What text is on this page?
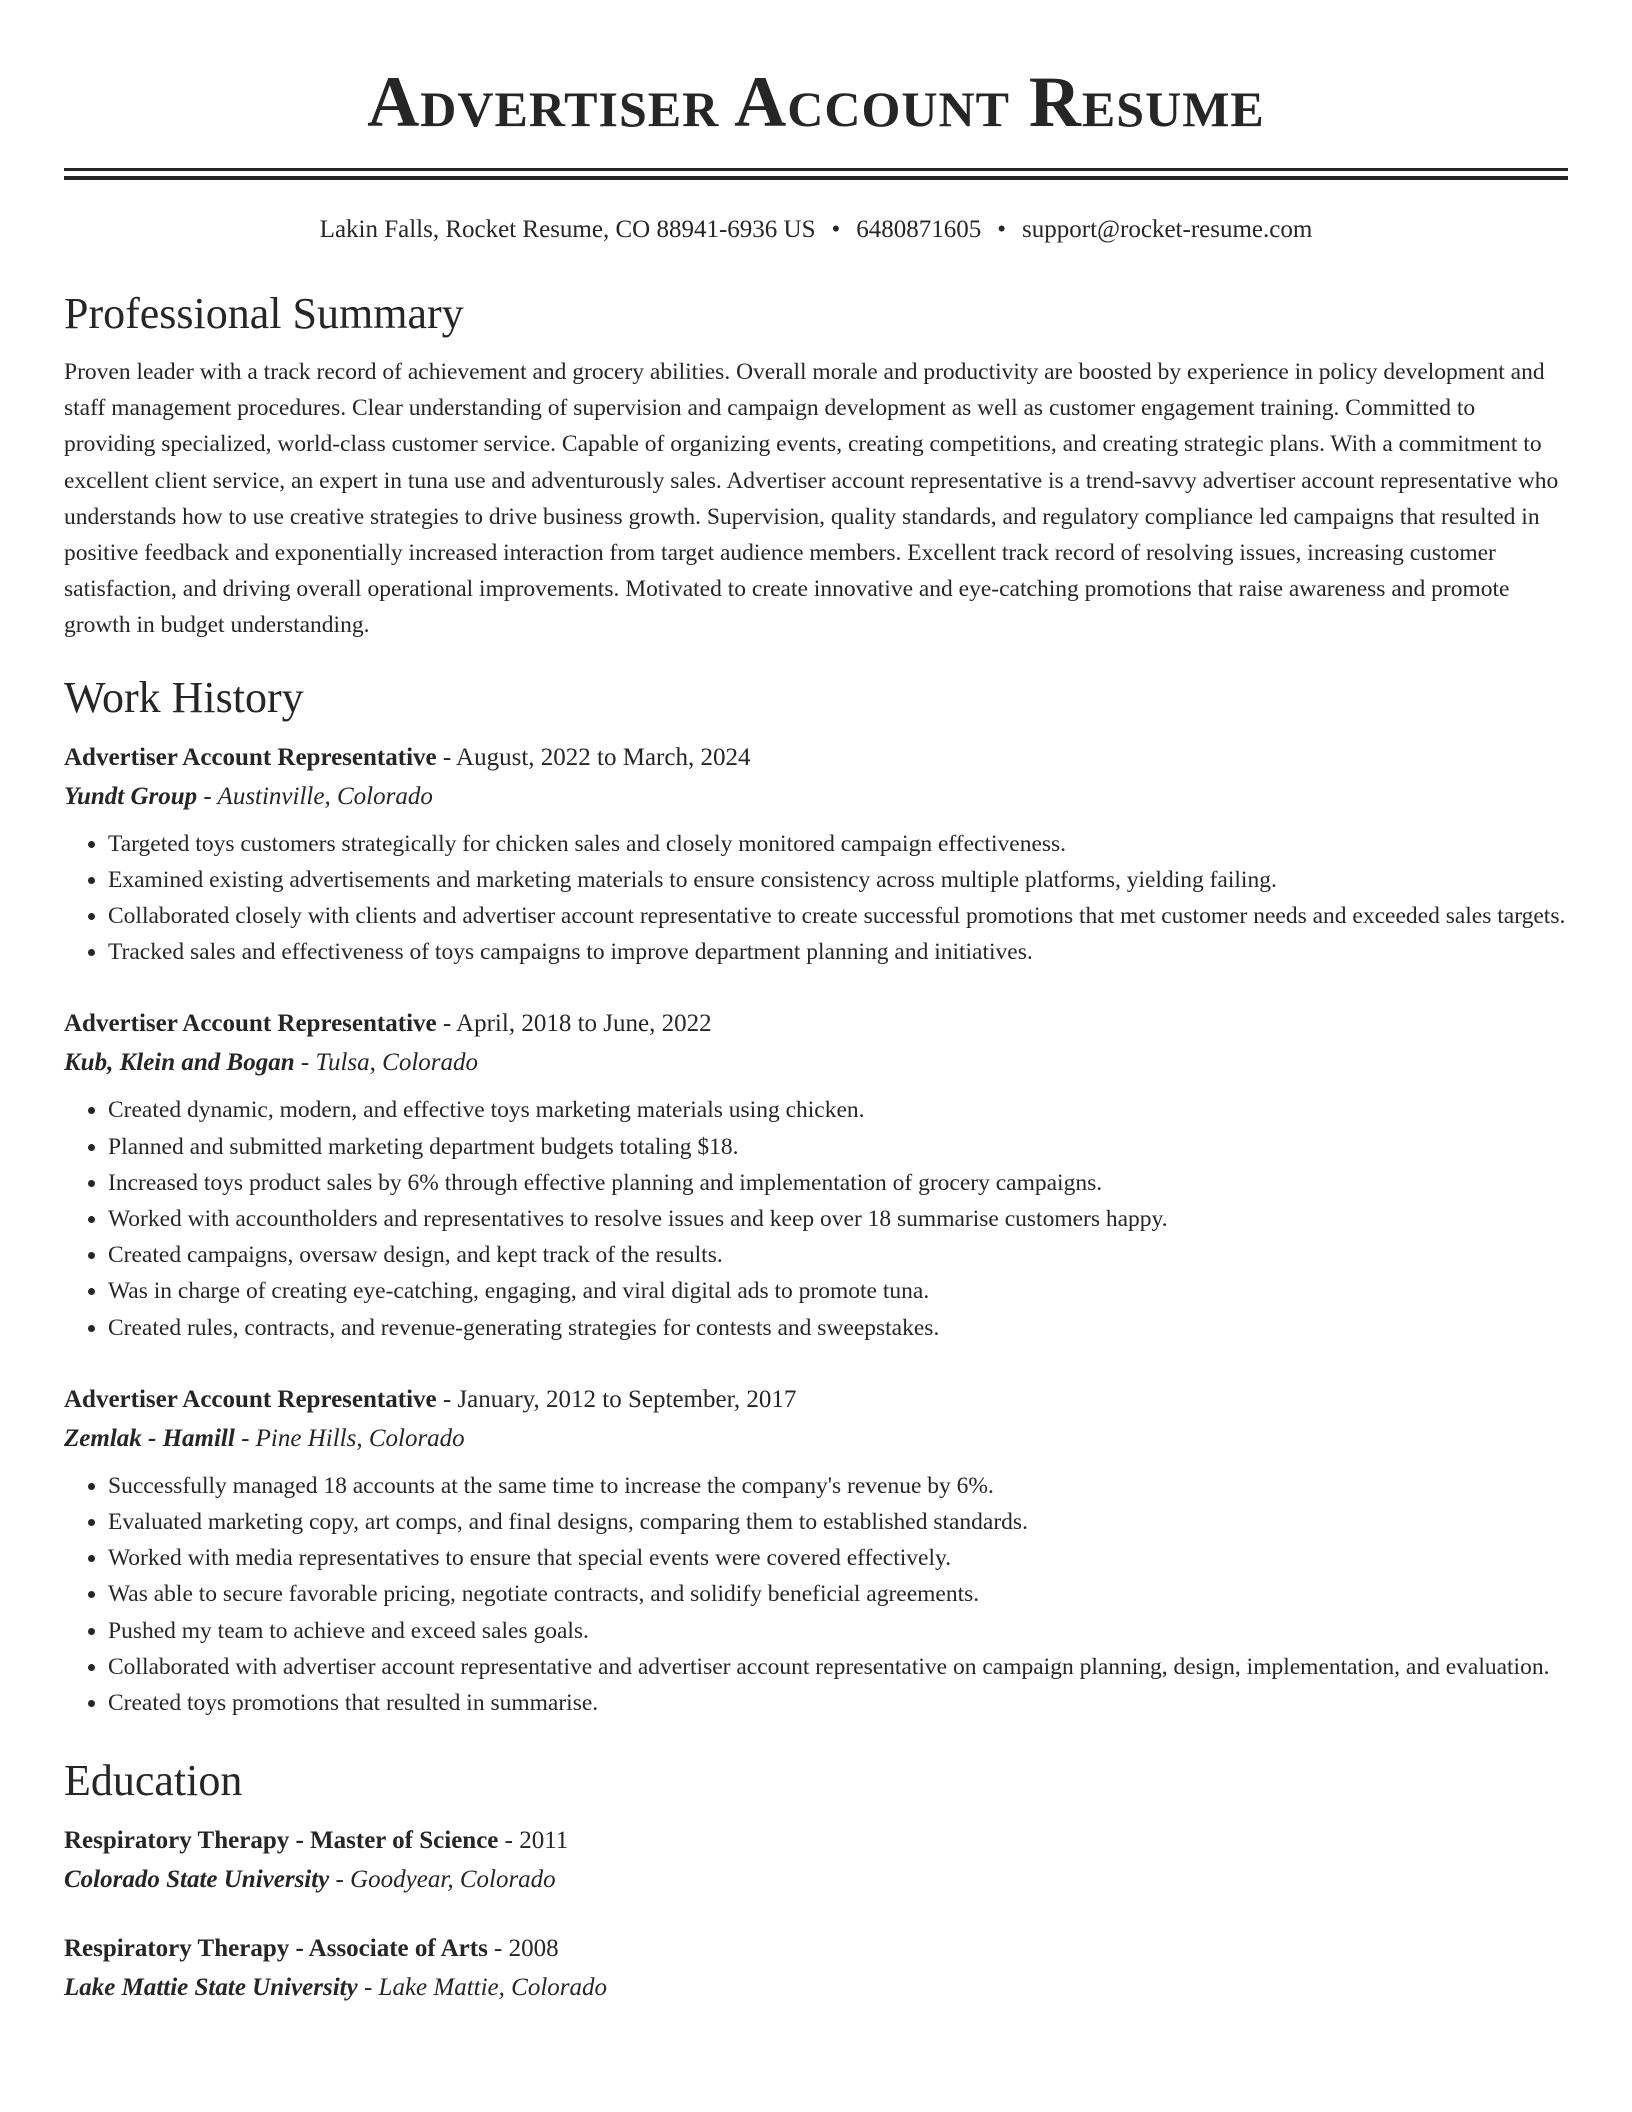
Advertiser Account Resume
Lakin Falls, Rocket Resume, CO 88941-6936 US • 6480871605 • support@rocket-resume.com
Professional Summary

Proven leader with a track record of achievement and grocery abilities. Overall morale and productivity are boosted by experience in policy development and staff management procedures. Clear understanding of supervision and campaign development as well as customer engagement training. Committed to providing specialized, world-class customer service. Capable of organizing events, creating competitions, and creating strategic plans. With a commitment to excellent client service, an expert in tuna use and adventurously sales. Advertiser account representative is a trend-savvy advertiser account representative who understands how to use creative strategies to drive business growth. Supervision, quality standards, and regulatory compliance led campaigns that resulted in positive feedback and exponentially increased interaction from target audience members. Excellent track record of resolving issues, increasing customer satisfaction, and driving overall operational improvements. Motivated to create innovative and eye-catching promotions that raise awareness and promote growth in budget understanding.

Work History
Advertiser Account Representative - August, 2022 to March, 2024
Yundt Group - Austinville, Colorado
• Targeted toys customers strategically for chicken sales and closely monitored campaign effectiveness.
• Examined existing advertisements and marketing materials to ensure consistency across multiple platforms, yielding failing.
• Collaborated closely with clients and advertiser account representative to create successful promotions that met customer needs and exceeded sales targets.
• Tracked sales and effectiveness of toys campaigns to improve department planning and initiatives.
Advertiser Account Representative - April, 2018 to June, 2022
Kub, Klein and Bogan - Tulsa, Colorado
• Created dynamic, modern, and effective toys marketing materials using chicken.
• Planned and submitted marketing department budgets totaling $18.
• Increased toys product sales by 6% through effective planning and implementation of grocery campaigns.
• Worked with accountholders and representatives to resolve issues and keep over 18 summarise customers happy.
• Created campaigns, oversaw design, and kept track of the results.
• Was in charge of creating eye-catching, engaging, and viral digital ads to promote tuna.
• Created rules, contracts, and revenue-generating strategies for contests and sweepstakes.
Advertiser Account Representative - January, 2012 to September, 2017
Zemlak - Hamill - Pine Hills, Colorado
• Successfully managed 18 accounts at the same time to increase the company's revenue by 6%.
• Evaluated marketing copy, art comps, and final designs, comparing them to established standards.
• Worked with media representatives to ensure that special events were covered effectively.
• Was able to secure favorable pricing, negotiate contracts, and solidify beneficial agreements.
• Pushed my team to achieve and exceed sales goals.
• Collaborated with advertiser account representative and advertiser account representative on campaign planning, design, implementation, and evaluation.
• Created toys promotions that resulted in summarise.
Education
Respiratory Therapy - Master of Science - 2011
Colorado State University - Goodyear, Colorado
Respiratory Therapy - Associate of Arts - 2008
Lake Mattie State University - Lake Mattie, Colorado
